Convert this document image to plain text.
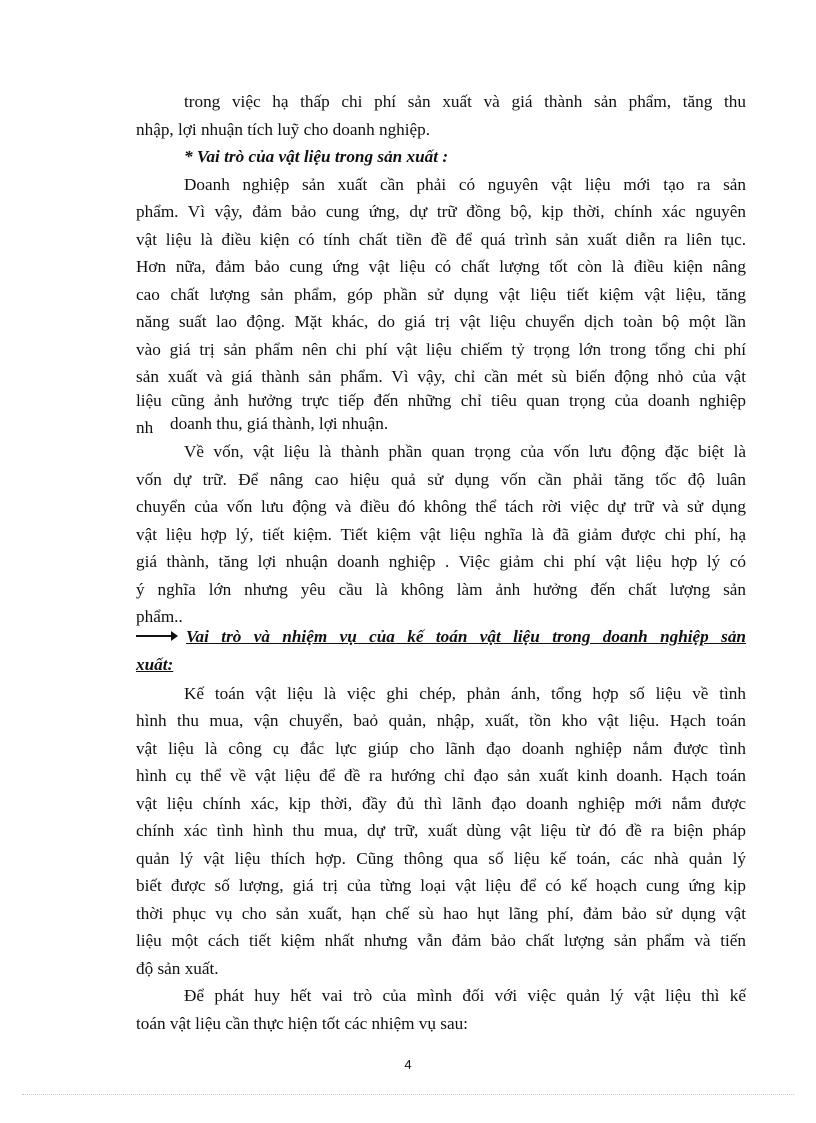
trong việc hạ thấp chi phí sản xuất và giá thành sản phẩm, tăng thu
nhập, lợi nhuận tích luỹ cho doanh nghiệp.
* Vai trò của vật liệu trong sản xuất :
Doanh nghiệp sản xuất cần phải có nguyên vật liệu mới tạo ra sản
phẩm. Vì vậy, đảm bảo cung ứng, dự trữ đồng bộ, kịp thời, chính xác nguyên
vật liệu là điều kiện có tính chất tiền đề để quá trình sản xuất diễn ra liên tục.
Hơn nữa, đảm bảo cung ứng vật liệu có chất lượng tốt còn là điều kiện nâng
cao chất lượng sản phẩm, góp phần sử dụng vật liệu tiết kiệm vật liệu, tăng
năng suất lao động. Mặt khác, do giá trị vật liệu chuyển dịch toàn bộ một lần
vào giá trị sản phẩm nên chi phí vật liệu chiếm tỷ trọng lớn trong tổng chi phí
sản xuất và giá thành sản phẩm. Vì vậy, chỉ cần mét sù biến động nhỏ của vật
liệu cũng ảnh hưởng trực tiếp đến những chỉ tiêu quan trọng của doanh nghiệp
nh doanh thu, giá thành, lợi nhuận.
Về vốn, vật liệu là thành phần quan trọng của vốn lưu động đặc biệt là
vốn dự trữ. Để nâng cao hiệu quả sử dụng vốn cần phải tăng tốc độ luân
chuyển của vốn lưu động và điều đó không thể tách rời việc dự trữ và sử dụng
vật liệu hợp lý, tiết kiệm. Tiết kiệm vật liệu nghĩa là đã giảm được chi phí, hạ
giá thành, tăng lợi nhuận doanh nghiệp . Việc giảm chi phí vật liệu hợp lý có
ý nghĩa lớn nhưng yêu cầu là không làm ảnh hưởng đến chất lượng sản
phẩm..
Vai trò và nhiệm vụ của kế toán vật liệu trong doanh nghiệp sản
xuất:
Kế toán vật liệu là việc ghi chép, phản ánh, tổng hợp số liệu về tình
hình thu mua, vận chuyển, baỏ quản, nhập, xuất, tồn kho vật liệu. Hạch toán
vật liệu là công cụ đắc lực giúp cho lãnh đạo doanh nghiệp nắm được tình
hình cụ thể về vật liệu để đề ra hướng chỉ đạo sản xuất kinh doanh. Hạch toán
vật liệu chính xác, kịp thời, đầy đủ thì lãnh đạo doanh nghiệp mới nắm được
chính xác tình hình thu mua, dự trữ, xuất dùng vật liệu từ đó đề ra biện pháp
quản lý vật liệu thích hợp. Cũng thông qua số liệu kế toán, các nhà quản lý
biết được số lượng, giá trị của từng loại vật liệu để có kế hoạch cung ứng kịp
thời phục vụ cho sản xuất, hạn chế sù hao hụt lãng phí, đảm bảo sử dụng vật
liệu một cách tiết kiệm nhất nhưng vẫn đảm bảo chất lượng sản phẩm và tiến
độ sản xuất.
Để phát huy hết vai trò của mình đối với việc quản lý vật liệu thì kế
toán vật liệu cần thực hiện tốt các nhiệm vụ sau:
4
